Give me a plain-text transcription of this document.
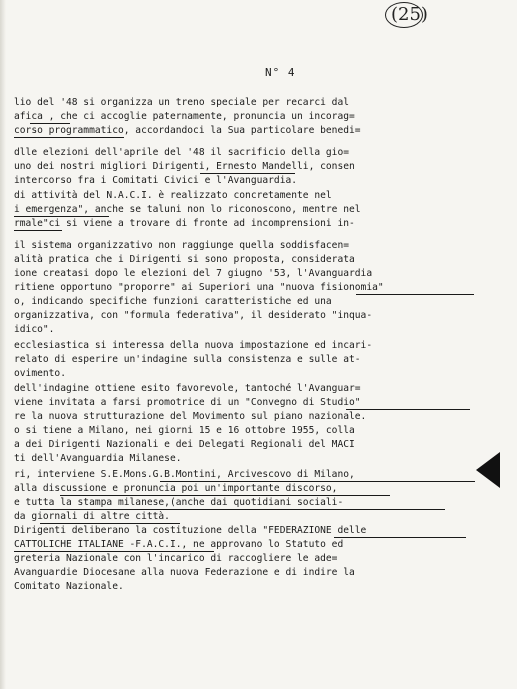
(25)
N° 4
lio del '48 si organizza un treno speciale per recarci dal
afica , che ci accoglie paternamente, pronuncia un incorag=
corso programmatico, accordandoci la Sua particolare benedi=
dlle elezioni dell'aprile del '48 il sacrificio della gio=
uno dei nostri migliori Dirigenti, Ernesto Mandelli, consen
intercorso fra i Comitati Civici e l'Avanguardia.
di attività del N.A.C.I. è realizzato concretamente nel
i emergenza", anche se taluni non lo riconoscono, mentre nel
rmale"ci si viene a trovare di fronte ad incomprensioni in-
il sistema organizzativo non raggiunge quella soddisfacen=
alità pratica che i Dirigenti si sono proposta, considerata
ione creatasi dopo le elezioni del 7 giugno '53, l'Avanguardia
ritiene opportuno "proporre" ai Superiori una "nuova fisionomia"
o, indicando specifiche funzioni caratteristiche ed una
organizzativa, con "formula federativa", il desiderato "inqua-
idico".
ecclesiastica si interessa della nuova impostazione ed incari-
relato di esperire un'indagine sulla consistenza e sulle at-
ovimento.
dell'indagine ottiene esito favorevole, tantoché l'Avanguar=
viene invitata a farsi promotrice di un "Convegno di Studio"
re la nuova strutturazione del Movimento sul piano nazionale.
o si tiene a Milano, nei giorni 15 e 16 ottobre 1955, colla
a dei Dirigenti Nazionali e dei Delegati Regionali del MACI
ti dell'Avanguardia Milanese.
ri, interviene S.E.Mons.G.B.Montini, Arcivescovo di Milano,
alla discussione e pronuncia poi un'importante discorso,
e tutta la stampa milanese,(anche dai quotidiani sociali-
da giornali di altre città.
Dirigenti deliberano la costituzione della "FEDERAZIONE delle
CATTOLICHE ITALIANE -F.A.C.I., ne approvano lo Statuto ed
greteria Nazionale con l'incarico di raccogliere le ade=
Avanguardie Diocesane alla nuova Federazione e di indire la
Comitato Nazionale.
